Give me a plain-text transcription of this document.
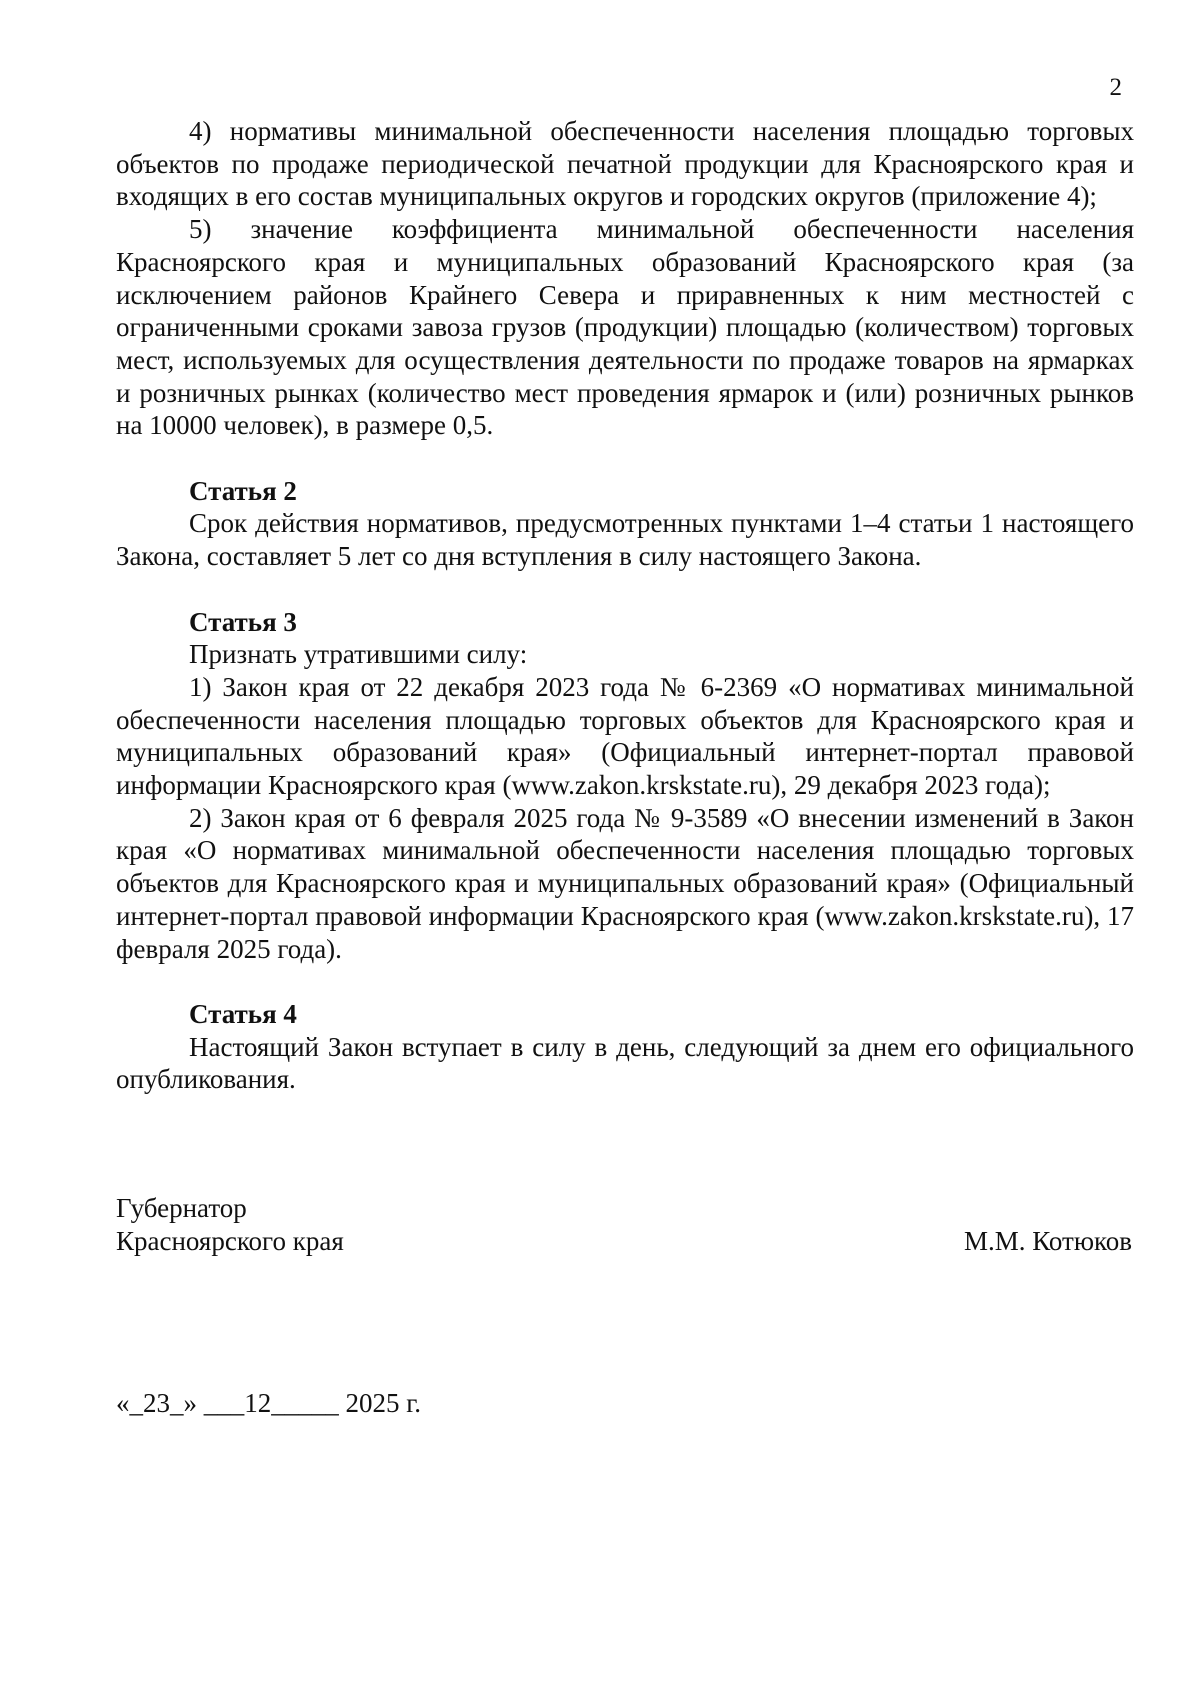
2

4) нормативы минимальной обеспеченности населения площадью торговых объектов по продаже периодической печатной продукции для Красноярского края и входящих в его состав муниципальных округов и городских округов (приложение 4);

5) значение коэффициента минимальной обеспеченности населения Красноярского края и муниципальных образований Красноярского края (за исключением районов Крайнего Севера и приравненных к ним местностей с ограниченными сроками завоза грузов (продукции) площадью (количеством) торговых мест, используемых для осуществления деятельности по продаже товаров на ярмарках и розничных рынках (количество мест проведения ярмарок и (или) розничных рынков на 10000 человек), в размере 0,5.

Статья 2

Срок действия нормативов, предусмотренных пунктами 1–4 статьи 1 настоящего Закона, составляет 5 лет со дня вступления в силу настоящего Закона.

Статья 3

Признать утратившими силу:

1) Закон края от 22 декабря 2023 года № 6-2369 «О нормативах минимальной обеспеченности населения площадью торговых объектов для Красноярского края и муниципальных образований края» (Официальный интернет-портал правовой информации Красноярского края (www.zakon.krskstate.ru), 29 декабря 2023 года);

2) Закон края от 6 февраля 2025 года № 9-3589 «О внесении изменений в Закон края «О нормативах минимальной обеспеченности населения площадью торговых объектов для Красноярского края и муниципальных образований края» (Официальный интернет-портал правовой информации Красноярского края (www.zakon.krskstate.ru), 17 февраля 2025 года).

Статья 4

Настоящий Закон вступает в силу в день, следующий за днем его официального опубликования.

Губернатор

Красноярского края	М.М. Котюков
«_23_» ___12_____ 2025 г.
